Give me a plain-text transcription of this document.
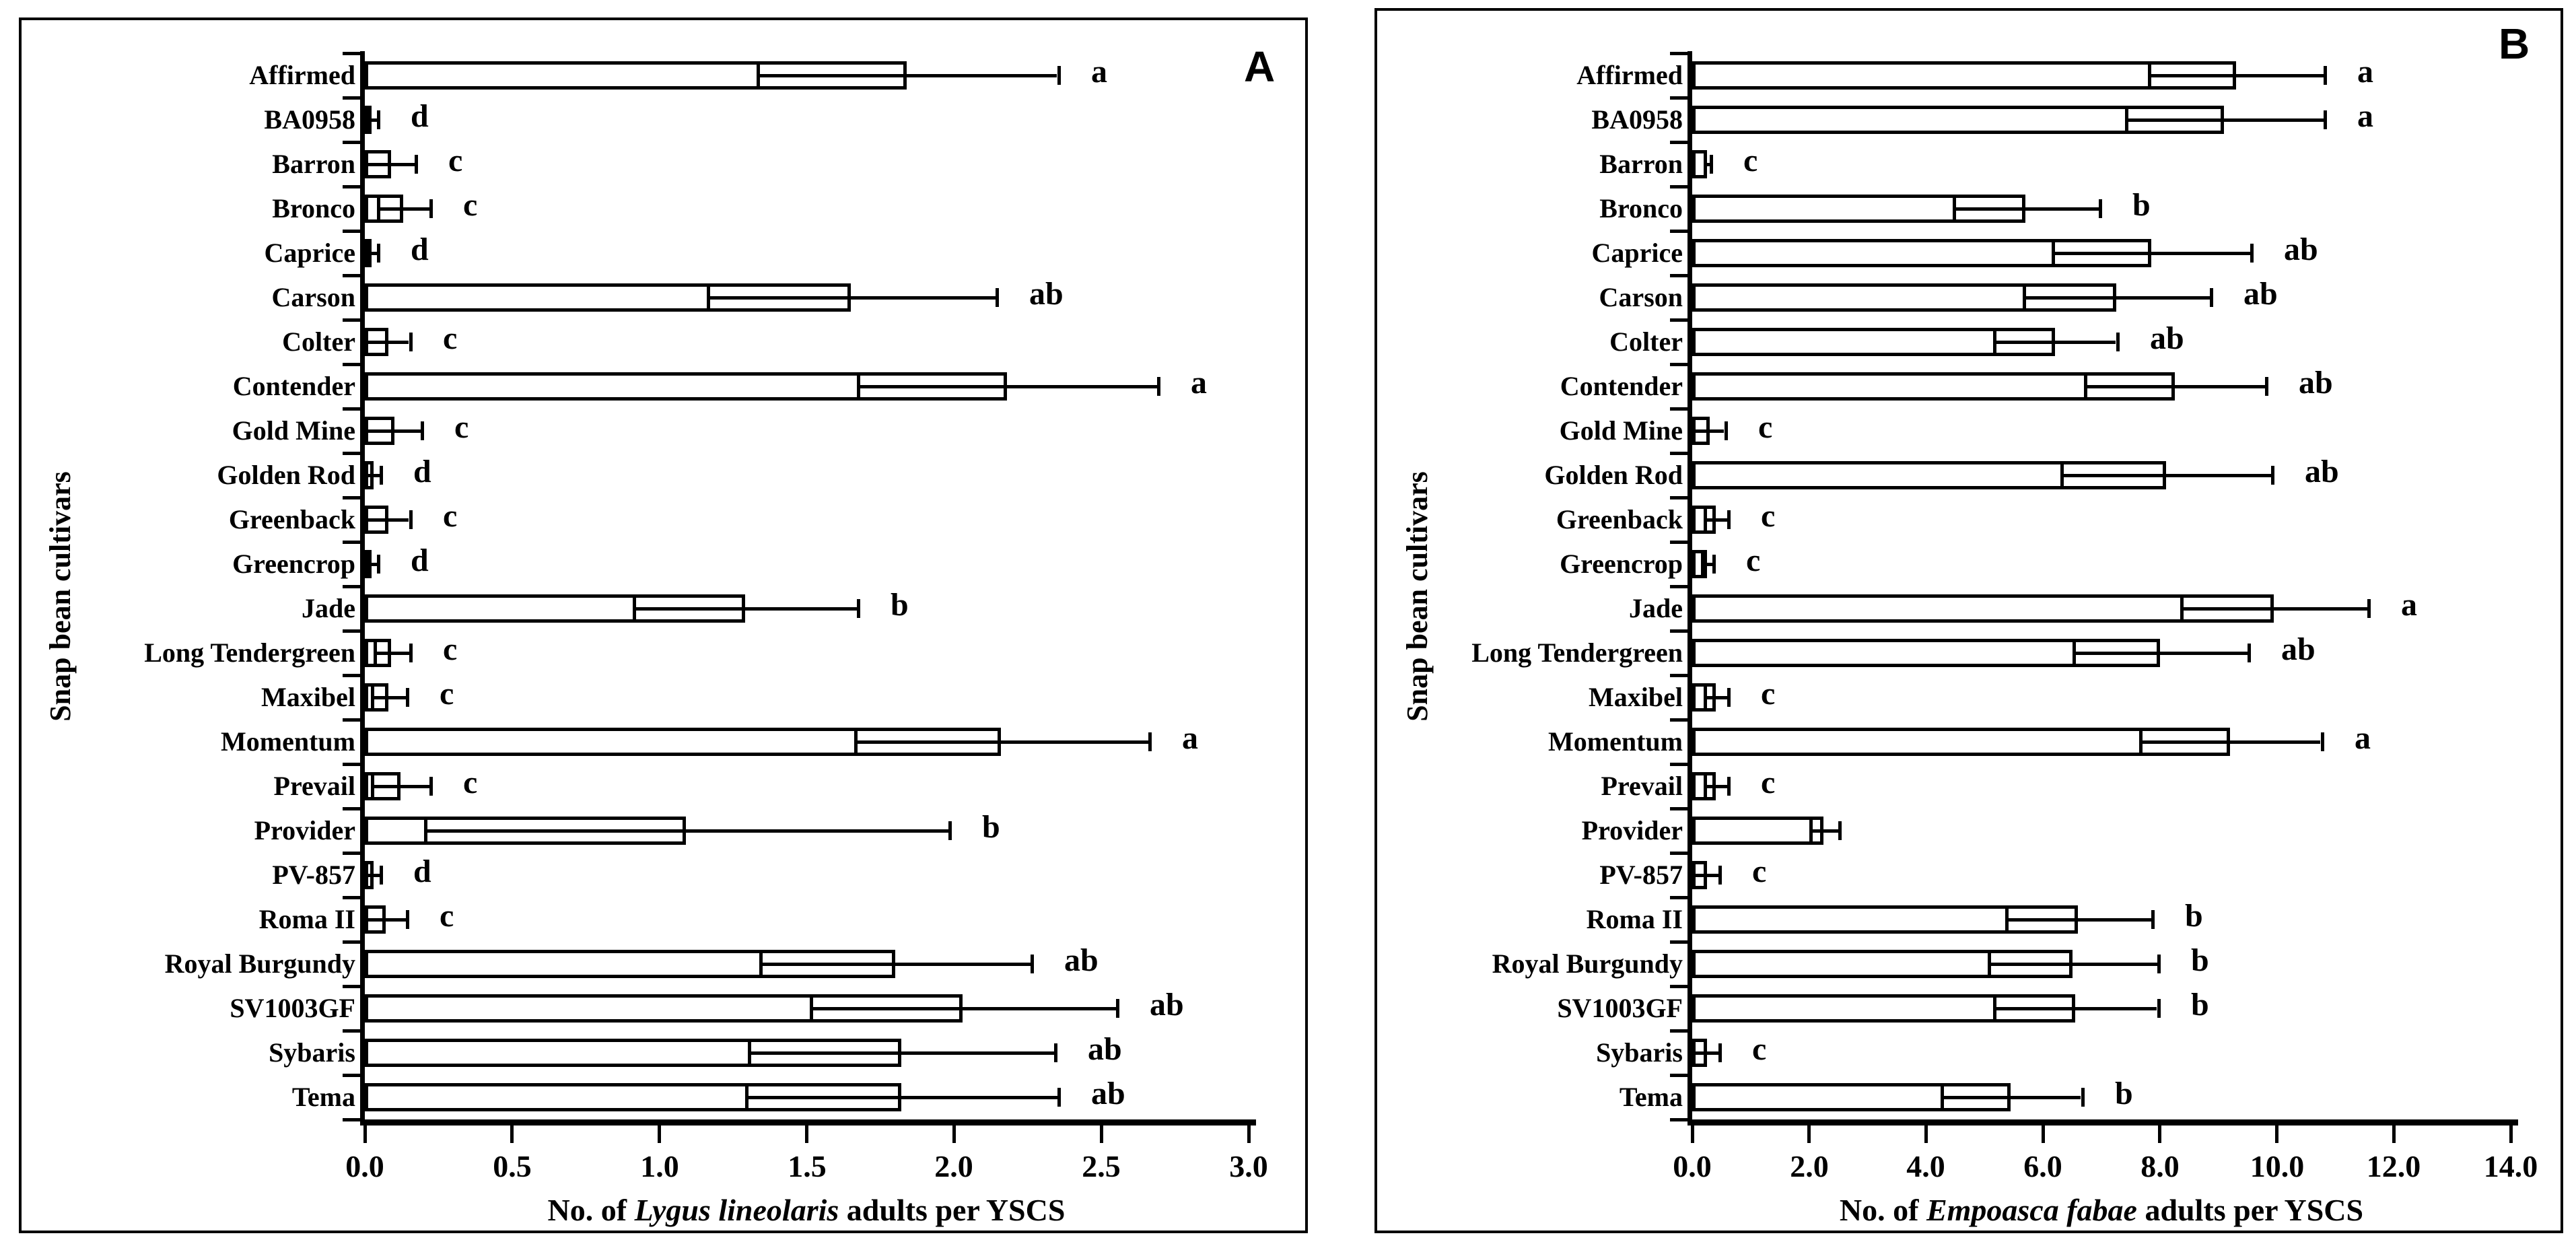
A
Snap bean cultivars
0.0	0.5	1.0	1.5	2.0	2.5	3.0
No. of Lygus lineolaris adults per YSCS
Affirmed	a
BA0958 d
Barron	c
Bronco	c
Caprice d
Carson	ab
Colter	c
Contender	a
Gold Mine	c
Golden Rod d
Greenback	c
Greencrop d
Jade	b
Long Tendergreen	c
Maxibel	c
Momentum	a
Prevail	c
Provider	b
PV-857 d
Roma II	c
Royal Burgundy	ab
SV1003GF	ab
Sybaris	ab
Tema	ab
B
Snap bean cultivars
0.0	2.0	4.0	6.0	8.0	10.0	12.0	14.0
No. of Empoasca fabae adults per YSCS
Affirmed	a
BA0958	a
Barron c
Bronco	b
Caprice	ab
Carson	ab
Colter	ab
Contender	ab
Gold Mine c
Golden Rod	ab
Greenback c
Greencrop c
Jade	a
Long Tendergreen	ab
Maxibel c
Momentum	a
Prevail c
Provider
PV-857 c
Roma II	b
Royal Burgundy	b
SV1003GF	b
Sybaris c
Tema	b
